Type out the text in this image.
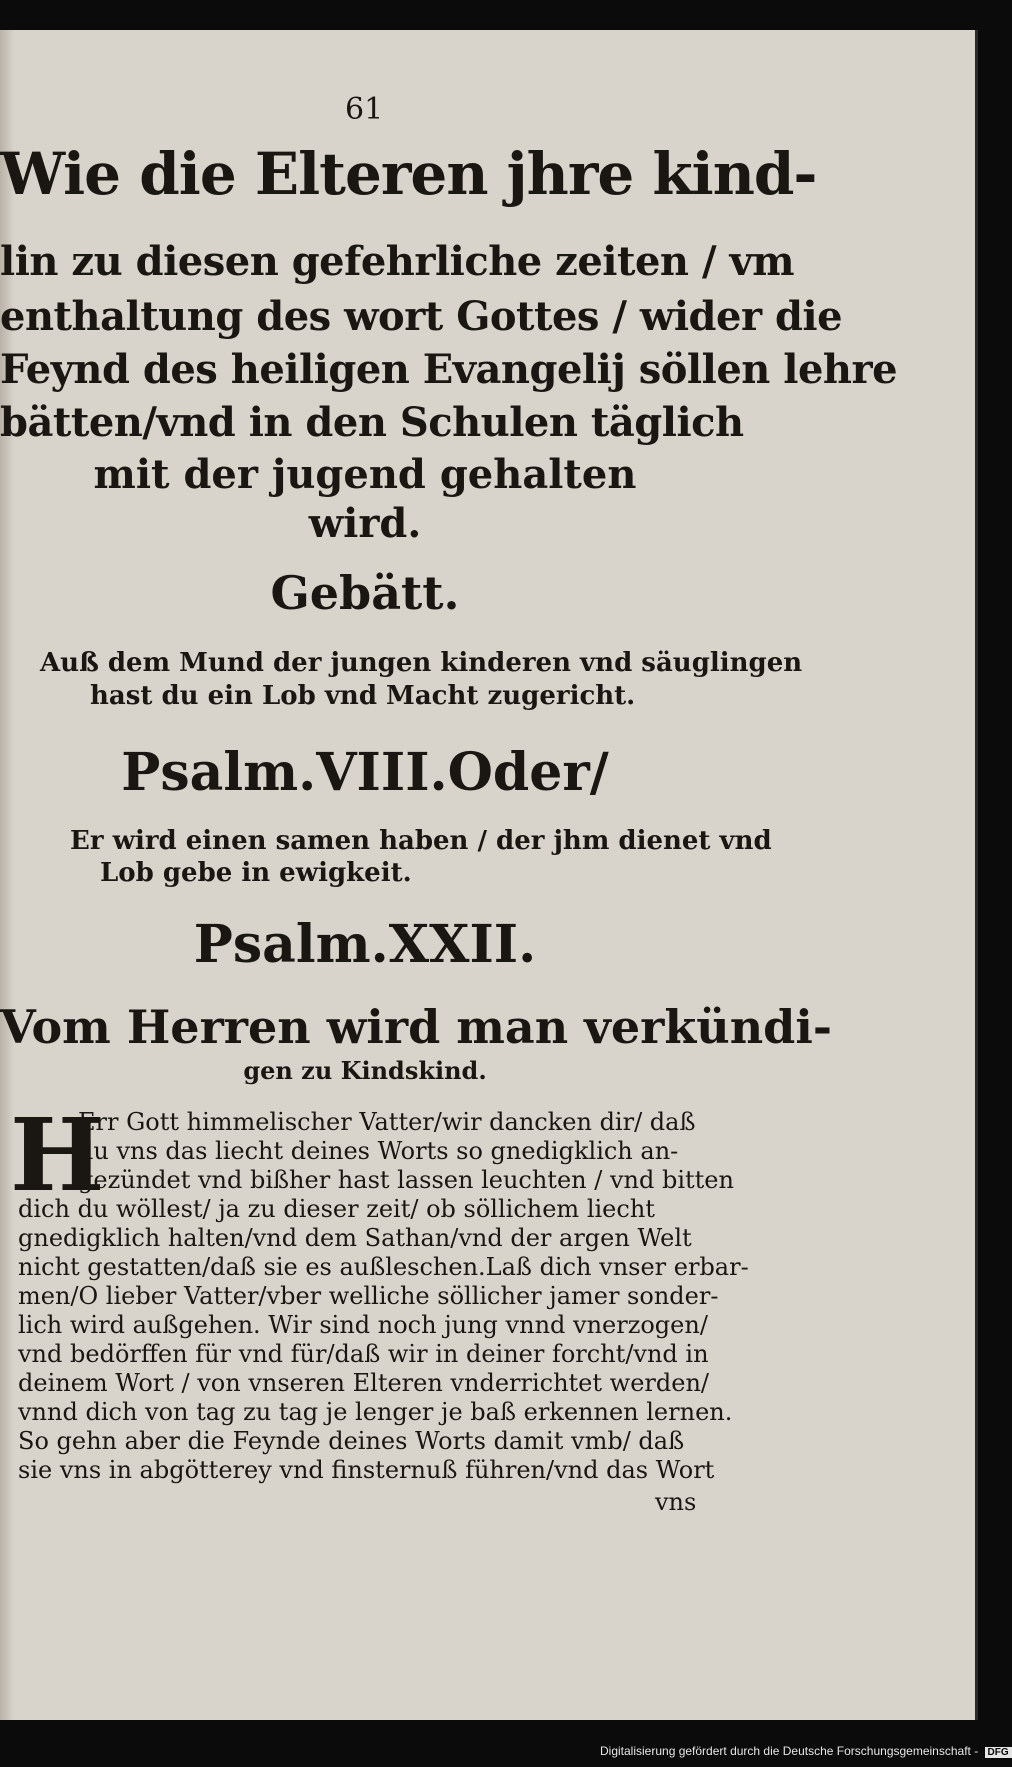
61
Wie die Elteren jhre kind-
lin zu diesen gefehrliche zeiten / vm
enthaltung des wort Gottes / wider die
Feynd des heiligen Evangelij söllen lehre
bätten/vnd in den Schulen täglich
mit der jugend gehalten
wird.
Gebätt.
Auß dem Mund der jungen kinderen vnd säuglingen
hast du ein Lob vnd Macht zugericht.
Psalm.VIII.Oder/
Er wird einen samen haben / der jhm dienet vnd
Lob gebe in ewigkeit.
Psalm.XXII.
Vom Herren wird man verkündi-
gen zu Kindskind.
H
Err Gott himmelischer Vatter/wir dancken dir/ daß
du vns das liecht deines Worts so gnedigklich an-
gezündet vnd bißher hast lassen leuchten / vnd bitten
dich du wöllest/ ja zu dieser zeit/ ob söllichem liecht
gnedigklich halten/vnd dem Sathan/vnd der argen Welt
nicht gestatten/daß sie es außleschen.Laß dich vnser erbar-
men/O lieber Vatter/vber welliche söllicher jamer sonder-
lich wird außgehen. Wir sind noch jung vnnd vnerzogen/
vnd bedörffen für vnd für/daß wir in deiner forcht/vnd in
deinem Wort / von vnseren Elteren vnderrichtet werden/
vnnd dich von tag zu tag je lenger je baß erkennen lernen.
So gehn aber die Feynde deines Worts damit vmb/ daß
sie vns in abgötterey vnd finsternuß führen/vnd das Wort
vns
Digitalisierung gefördert durch die Deutsche Forschungsgemeinschaft - DFG
